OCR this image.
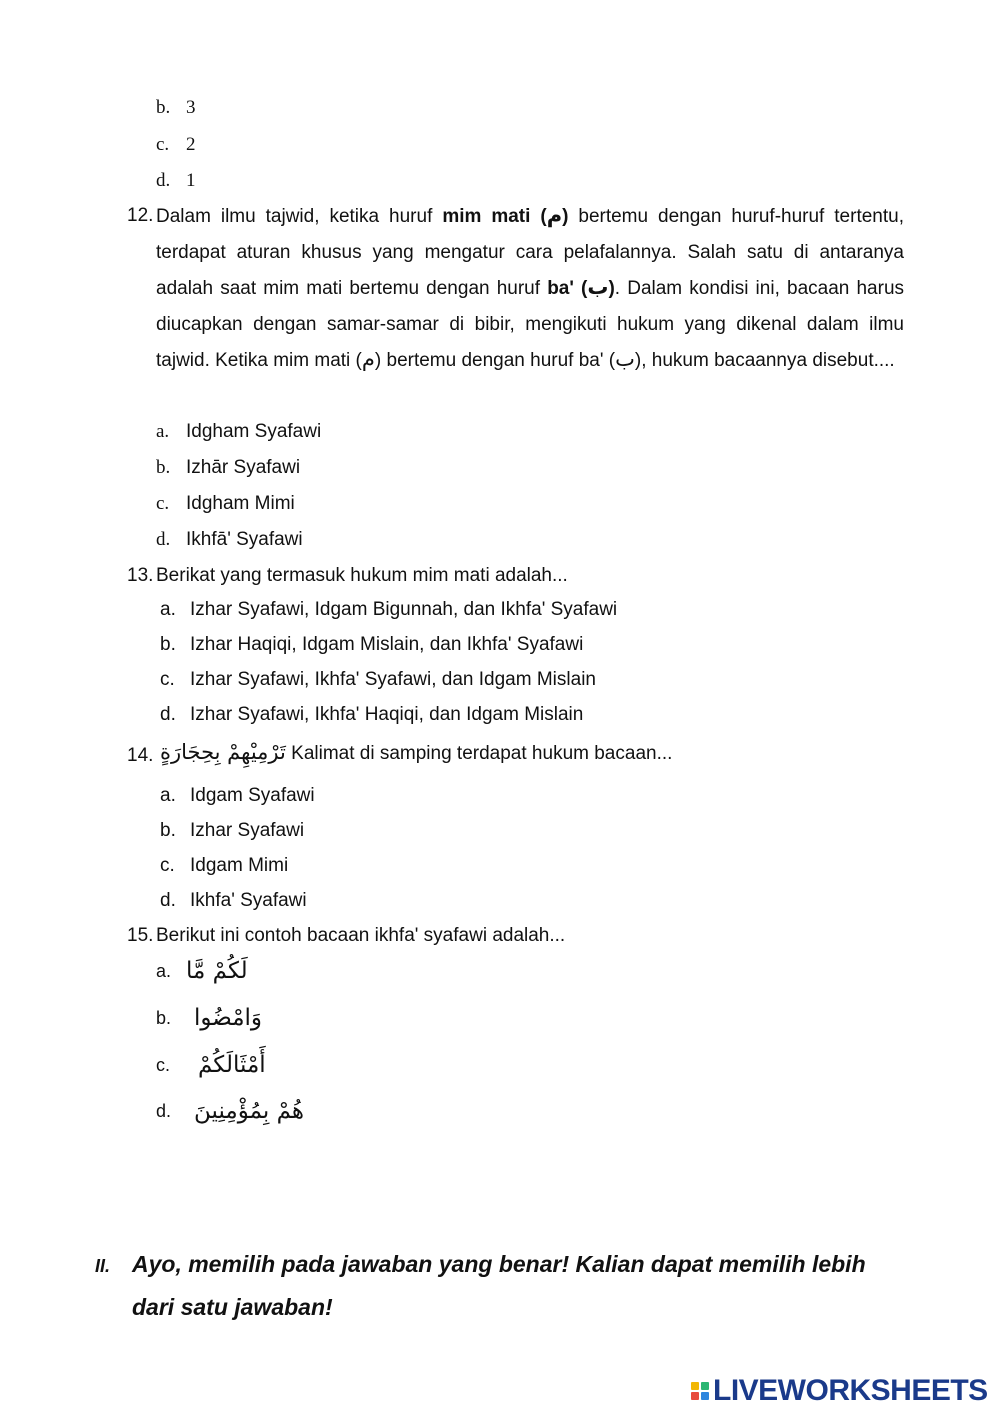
b. 3
c. 2
d. 1
12. Dalam ilmu tajwid, ketika huruf mim mati (م) bertemu dengan huruf-huruf tertentu, terdapat aturan khusus yang mengatur cara pelafalannya. Salah satu di antaranya adalah saat mim mati bertemu dengan huruf ba' (ب). Dalam kondisi ini, bacaan harus diucapkan dengan samar-samar di bibir, mengikuti hukum yang dikenal dalam ilmu tajwid. Ketika mim mati (م) bertemu dengan huruf ba' (ب), hukum bacaannya disebut....
a. Idgham Syafawi
b. Izhār Syafawi
c. Idgham Mimi
d. Ikhfā' Syafawi
13. Berikat yang termasuk hukum mim mati adalah...
a. Izhar Syafawi, Idgam Bigunnah, dan Ikhfa' Syafawi
b. Izhar Haqiqi, Idgam Mislain, dan Ikhfa' Syafawi
c. Izhar Syafawi, Ikhfa' Syafawi, dan Idgam Mislain
d. Izhar Syafawi, Ikhfa' Haqiqi, dan Idgam Mislain
14. تَرْمِيْهِمْ بِحِجَارَةٍ Kalimat di samping terdapat hukum bacaan...
a. Idgam Syafawi
b. Izhar Syafawi
c. Idgam Mimi
d. Ikhfa' Syafawi
15. Berikut ini contoh bacaan ikhfa' syafawi adalah...
a. لَكُمْ مَّا
b. وَامْضُوا
c.	أَمْثَالَكُمْ
d. هُمْ بِمُؤْمِنِينَ
II. Ayo, memilih pada jawaban yang benar! Kalian dapat memilih lebih
dari satu jawaban!
LIVEWORKSHEETS
